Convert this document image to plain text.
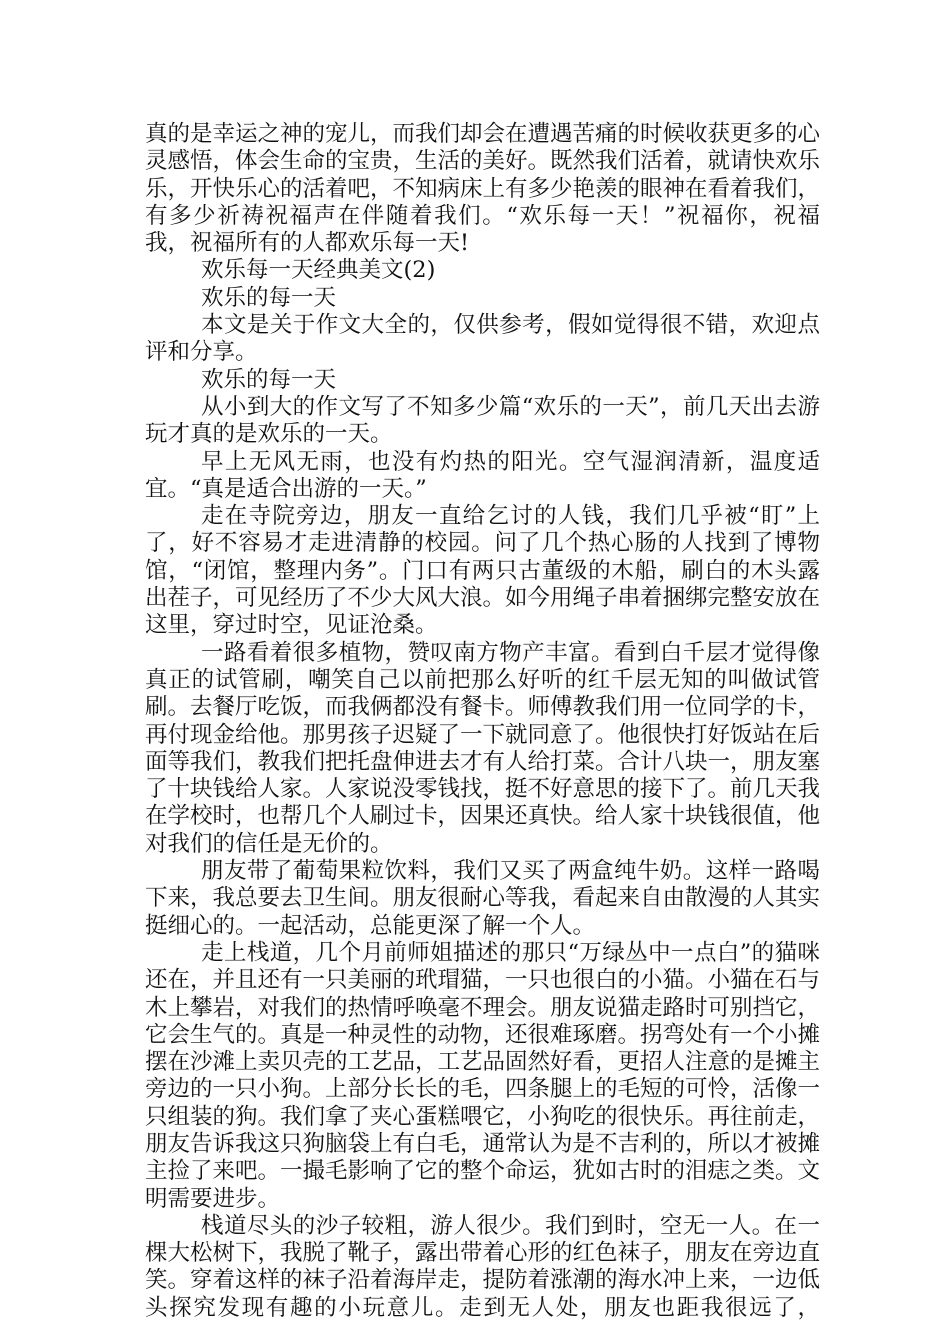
真的是幸运之神的宠儿，而我们却会在遭遇苦痛的时候收获更多的心灵感悟，体会生命的宝贵，生活的美好。既然我们活着，就请快欢乐乐，开快乐心的活着吧，不知病床上有多少艳羡的眼神在看着我们，有多少祈祷祝福声在伴随着我们。“欢乐每一天！”祝福你，祝福我，祝福所有的人都欢乐每一天!

欢乐每一天经典美文(2)

欢乐的每一天

本文是关于作文大全的，仅供参考，假如觉得很不错，欢迎点评和分享。

欢乐的每一天

从小到大的作文写了不知多少篇“欢乐的一天”，前几天出去游玩才真的是欢乐的一天。

早上无风无雨，也没有灼热的阳光。空气湿润清新，温度适宜。“真是适合出游的一天。”

走在寺院旁边，朋友一直给乞讨的人钱，我们几乎被“盯”上了，好不容易才走进清静的校园。问了几个热心肠的人找到了博物馆，“闭馆，整理内务”。门口有两只古董级的木船，刷白的木头露出茬子，可见经历了不少大风大浪。如今用绳子串着捆绑完整安放在这里，穿过时空，见证沧桑。

一路看着很多植物，赞叹南方物产丰富。看到白千层才觉得像真正的试管刷，嘲笑自己以前把那么好听的红千层无知的叫做试管刷。去餐厅吃饭，而我俩都没有餐卡。师傅教我们用一位同学的卡，再付现金给他。那男孩子迟疑了一下就同意了。他很快打好饭站在后面等我们，教我们把托盘伸进去才有人给打菜。合计八块一，朋友塞了十块钱给人家。人家说没零钱找，挺不好意思的接下了。前几天我在学校时，也帮几个人刷过卡，因果还真快。给人家十块钱很值，他对我们的信任是无价的。

朋友带了葡萄果粒饮料，我们又买了两盒纯牛奶。这样一路喝下来，我总要去卫生间。朋友很耐心等我，看起来自由散漫的人其实挺细心的。一起活动，总能更深了解一个人。

走上栈道，几个月前师姐描述的那只“万绿丛中一点白”的猫咪还在，并且还有一只美丽的玳瑁猫，一只也很白的小猫。小猫在石与木上攀岩，对我们的热情呼唤毫不理会。朋友说猫走路时可别挡它，它会生气的。真是一种灵性的动物，还很难琢磨。拐弯处有一个小摊摆在沙滩上卖贝壳的工艺品，工艺品固然好看，更招人注意的是摊主旁边的一只小狗。上部分长长的毛，四条腿上的毛短的可怜，活像一只组装的狗。我们拿了夹心蛋糕喂它，小狗吃的很快乐。再往前走，朋友告诉我这只狗脑袋上有白毛，通常认为是不吉利的，所以才被摊主捡了来吧。一撮毛影响了它的整个命运，犹如古时的泪痣之类。文明需要进步。

栈道尽头的沙子较粗，游人很少。我们到时，空无一人。在一棵大松树下，我脱了靴子，露出带着心形的红色袜子，朋友在旁边直笑。穿着这样的袜子沿着海岸走，提防着涨潮的海水冲上来，一边低头探究发现有趣的小玩意儿。走到无人处，朋友也距我很远了，
